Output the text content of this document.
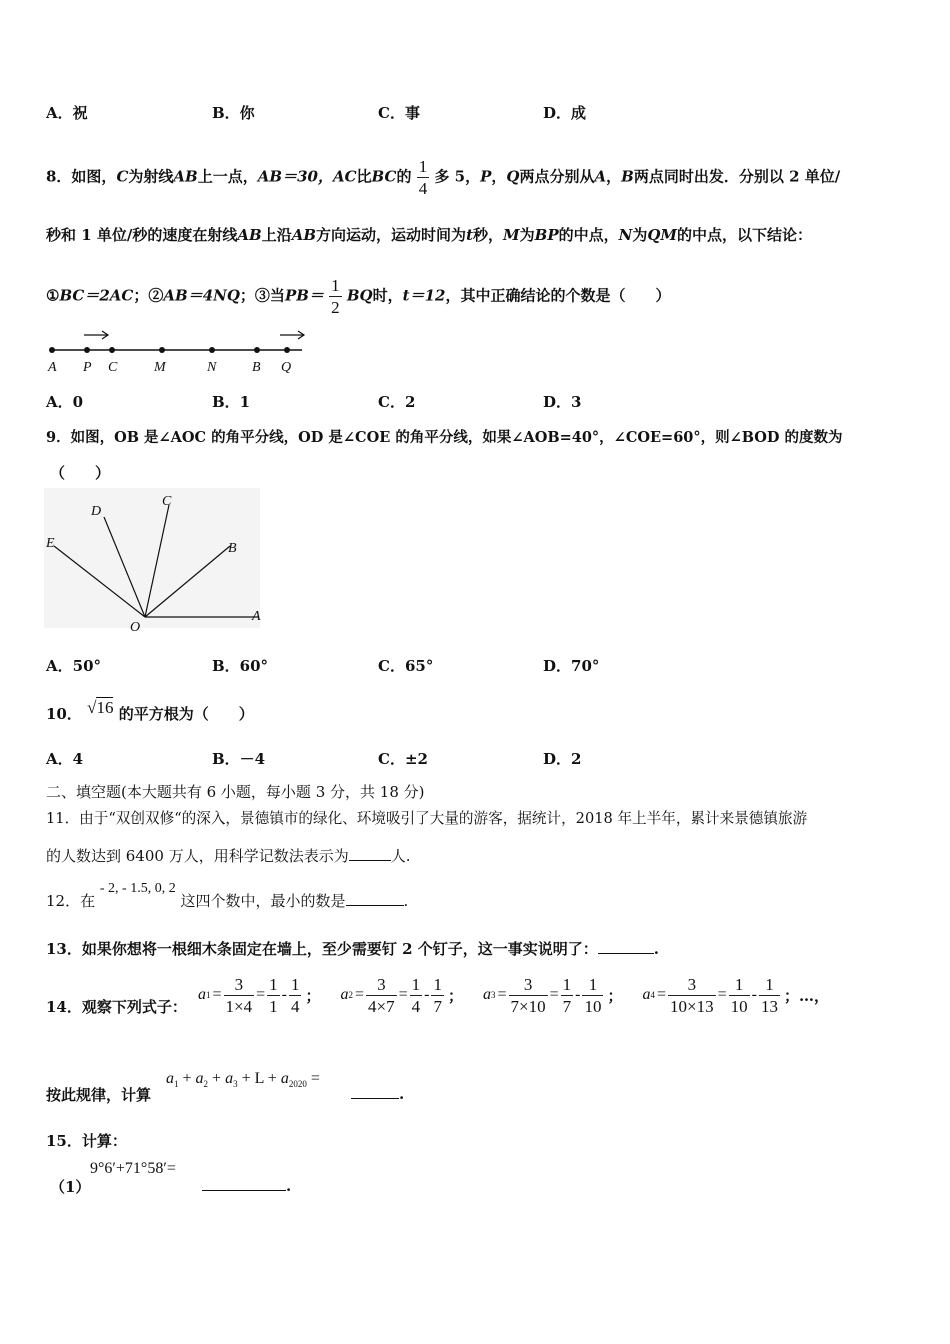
A．祝	B．你	C．事	D．成
8．如图，C为射线AB上一点，AB＝30，AC比BC的 $\frac{1}{4}$ 多 5，P，Q两点分别从A，B两点同时出发．分别以 2 单位/
秒和 1 单位/秒的速度在射线AB上沿AB方向运动，运动时间为t秒，M为BP的中点，N为QM的中点，以下结论：
①BC＝2AC；②AB＝4NQ；③当$PB= \frac{1}{2}$ BQ时，t＝12，其中正确结论的个数是（　　）
A P C	M	N	B Q
A．0	B．1	C．2	D．3
9．如图，OB 是∠AOC 的角平分线，OD 是∠COE 的角平分线，如果∠AOB=40°，∠COE=60°，则∠BOD 的度数为
（　　）
D
C
E	B
O
A
A．50°	B．60°	C．65°	D．70°
10． √16 的平方根为（　　）
A．4	B．－4	C．±2	D．2
二、填空题(本大题共有 6 小题，每小题 3 分，共 18 分)
11．由于“双创双修“的深入，景德镇市的绿化、环境吸引了大量的游客，据统计，2018 年上半年，累计来景德镇旅游
的人数达到 6400 万人，用科学记数法表示为	人.
12．在 - 2, - 1.5, 0, 2 这四个数中，最小的数是	.
13．如果你想将一根细木条固定在墙上，至少需要钉 2 个钉子，这一事实说明了：	.
14．观察下列式子：
a $1 = \frac{3}{1\times 4} = \frac{1}{1} - \frac{1}{4}$ ； a $2 = \frac{3}{4\times 7} = \frac{1}{4} - \frac{1}{7}$ ； a $3 = \frac{3}{7\times 10} = \frac{1}{7} - \frac{1}{10}$ ； a $4 = \frac{3}{10\times 13} = \frac{1}{10} - \frac{1}{13}$ ；…，
按此规律，计算
$a_1 + a_2 + a_3 + L + a_{2020}$ =
.
15．计算：
（1）
9°6′+71°58′=
.
